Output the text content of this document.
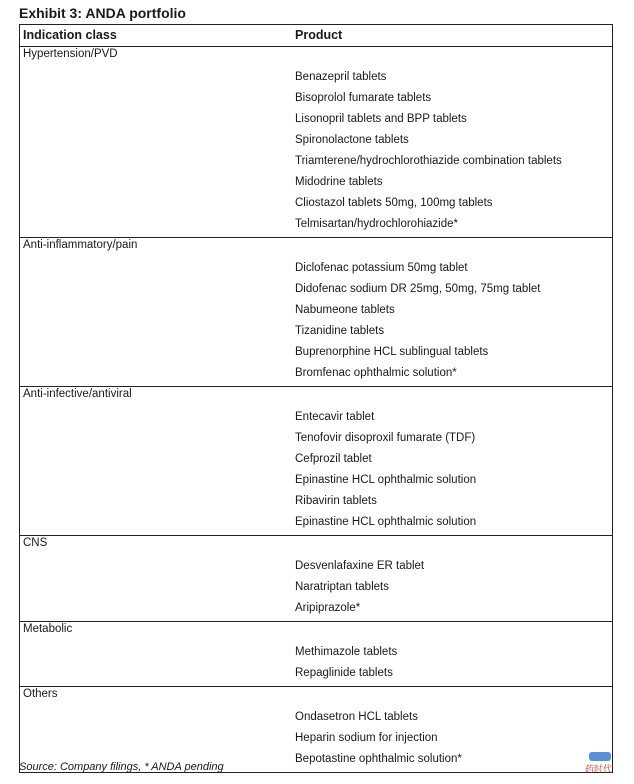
Exhibit 3: ANDA portfolio
Indication class	Product
Hypertension/PVD
Benazepril tablets
Bisoprolol fumarate tablets
Lisonopril tablets and BPP tablets
Spironolactone tablets
Triamterene/hydrochlorothiazide combination tablets
Midodrine tablets
Cliostazol tablets 50mg, 100mg tablets
Telmisartan/hydrochlorohiazide*
Anti-inflammatory/pain
Diclofenac potassium 50mg tablet
Didofenac sodium DR 25mg, 50mg, 75mg tablet
Nabumeone tablets
Tizanidine tablets
Buprenorphine HCL sublingual tablets
Bromfenac ophthalmic solution*
Anti-infective/antiviral
Entecavir tablet
Tenofovir disoproxil fumarate (TDF)
Cefprozil tablet
Epinastine HCL ophthalmic solution
Ribavirin tablets
Epinastine HCL ophthalmic solution
CNS
Desvenlafaxine ER tablet
Naratriptan tablets
Aripiprazole*
Metabolic
Methimazole tablets
Repaglinide tablets
Others
Ondasetron HCL tablets
Heparin sodium for injection
Bepotastine ophthalmic solution*
Source: Company filings, * ANDA pending	药时代
